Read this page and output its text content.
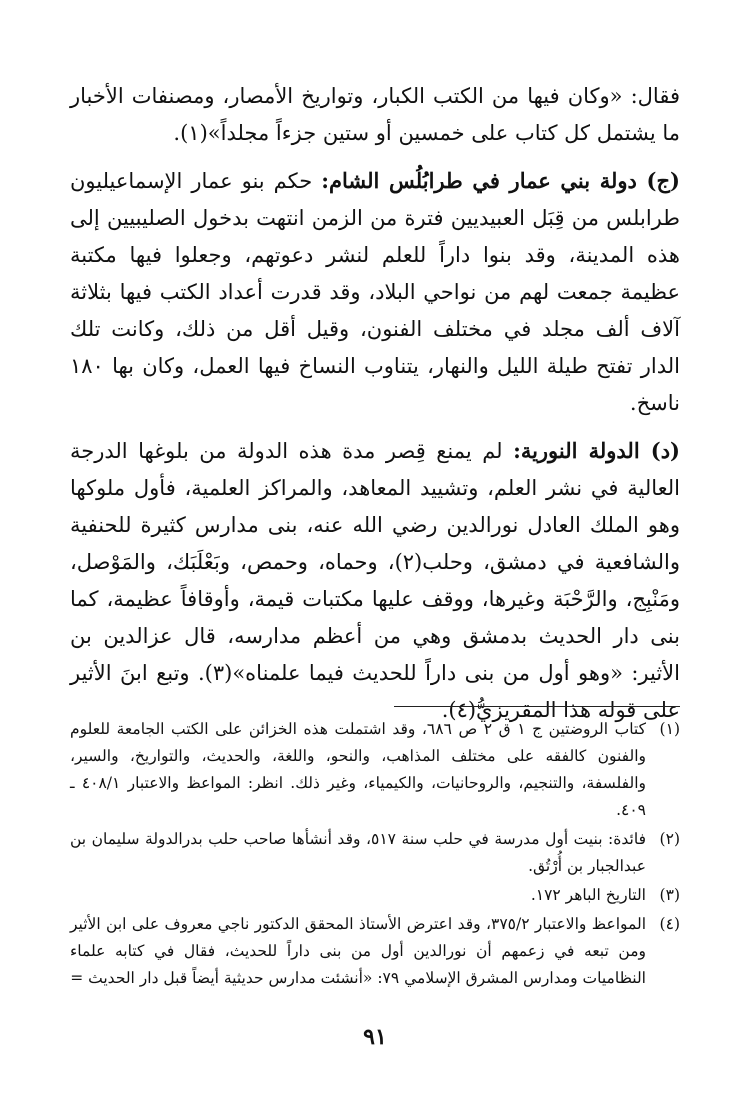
فقال: «وكان فيها من الكتب الكبار، وتواريخ الأمصار، ومصنفات الأخبار ما يشتمل كل كتاب على خمسين أو ستين جزءاً مجلداً»(١).

(ج) دولة بني عمار في طرابُلُس الشام: حكم بنو عمار الإسماعيليون طرابلس من قِبَل العبيديين فترة من الزمن انتهت بدخول الصليبيين إلى هذه المدينة، وقد بنوا داراً للعلم لنشر دعوتهم، وجعلوا فيها مكتبة عظيمة جمعت لهم من نواحي البلاد، وقد قدرت أعداد الكتب فيها بثلاثة آلاف ألف مجلد في مختلف الفنون، وقيل أقل من ذلك، وكانت تلك الدار تفتح طيلة الليل والنهار، يتناوب النساخ فيها العمل، وكان بها ١٨٠ ناسخ.

(د) الدولة النورية: لم يمنع قِصر مدة هذه الدولة من بلوغها الدرجة العالية في نشر العلم، وتشييد المعاهد، والمراكز العلمية، فأول ملوكها وهو الملك العادل نورالدين رضي الله عنه، بنى مدارس كثيرة للحنفية والشافعية في دمشق، وحلب(٢)، وحماه، وحمص، وبَعْلَبَك، والمَوْصل، ومَنْبِج، والرَّحْبَة وغيرها، ووقف عليها مكتبات قيمة، وأوقافاً عظيمة، كما بنى دار الحديث بدمشق وهي من أعظم مدارسه، قال عزالدين بن الأثير: «وهو أول من بنى داراً للحديث فيما علمناه»(٣). وتبع ابنَ الأثير على قوله هذا المقريزيُّ(٤).

(١)
كتاب الروضتين ج ١ ق ٢ ص ٦٨٦، وقد اشتملت هذه الخزائن على الكتب الجامعة للعلوم والفنون كالفقه على مختلف المذاهب، والنحو، واللغة، والحديث، والتواريخ، والسير، والفلسفة، والتنجيم، والروحانيات، والكيمياء، وغير ذلك. انظر: المواعظ والاعتبار ٤٠٨/١ ـ ٤٠٩.
(٢)
فائدة: بنيت أول مدرسة في حلب سنة ٥١٧، وقد أنشأها صاحب حلب بدرالدولة سليمان بن عبدالجبار بن أُرْتُق.
(٣)
التاريخ الباهر ١٧٢.
(٤)
المواعظ والاعتبار ٣٧٥/٢، وقد اعترض الأستاذ المحقق الدكتور ناجي معروف على ابن الأثير ومن تبعه في زعمهم أن نورالدين أول من بنى داراً للحديث، فقال في كتابه علماء النظاميات ومدارس المشرق الإسلامي ٧٩: «أنشئت مدارس حديثية أيضاً قبل دار الحديث =
٩١
